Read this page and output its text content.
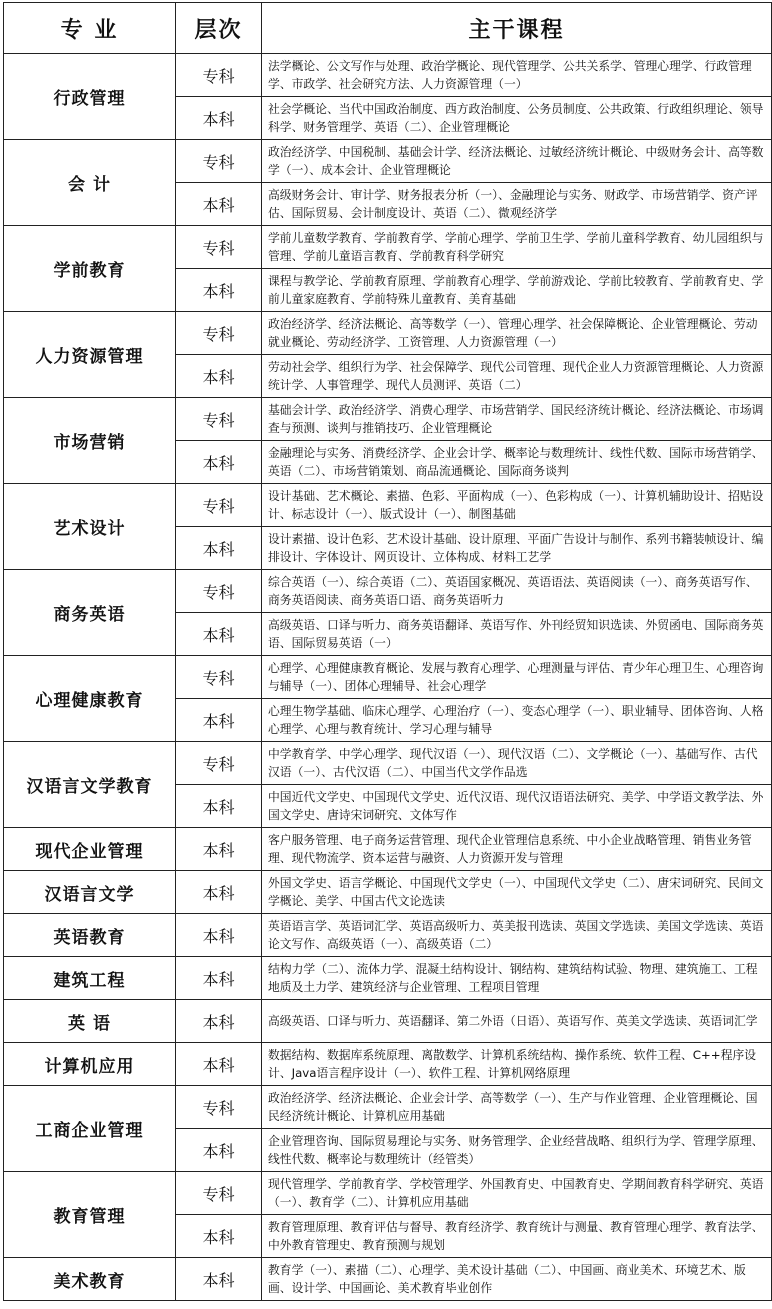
专 业	层次	主干课程
行政管理	专科	法学概论、公文写作与处理、政治学概论、现代管理学、公共关系学、管理心理学、行政管理学、市政学、社会研究方法、人力资源管理（一）
	本科	社会学概论、当代中国政治制度、西方政治制度、公务员制度、公共政策、行政组织理论、领导科学、财务管理学、英语（二）、企业管理概论
会 计	专科	政治经济学、中国税制、基础会计学、经济法概论、过敏经济统计概论、中级财务会计、高等数学（一）、成本会计、企业管理概论
	本科	高级财务会计、审计学、财务报表分析（一）、金融理论与实务、财政学、市场营销学、资产评估、国际贸易、会计制度设计、英语（二）、微观经济学
学前教育	专科	学前儿童数学教育、学前教育学、学前心理学、学前卫生学、学前儿童科学教育、幼儿园组织与管理、学前儿童语言教育、学前教育科学研究
	本科	课程与教学论、学前教育原理、学前教育心理学、学前游戏论、学前比较教育、学前教育史、学前儿童家庭教育、学前特殊儿童教育、美育基础
人力资源管理	专科	政治经济学、经济法概论、高等数学（一）、管理心理学、社会保障概论、企业管理概论、劳动就业概论、劳动经济学、工资管理、人力资源管理（一）
	本科	劳动社会学、组织行为学、社会保障学、现代公司管理、现代企业人力资源管理概论、人力资源统计学、人事管理学、现代人员测评、英语（二）
市场营销	专科	基础会计学、政治经济学、消费心理学、市场营销学、国民经济统计概论、经济法概论、市场调查与预测、谈判与推销技巧、企业管理概论
	本科	金融理论与实务、消费经济学、企业会计学、概率论与数理统计、线性代数、国际市场营销学、英语（二）、市场营销策划、商品流通概论、国际商务谈判
艺术设计	专科	设计基础、艺术概论、素描、色彩、平面构成（一）、色彩构成（一）、计算机辅助设计、招贴设计、标志设计（一）、版式设计（一）、制图基础
	本科	设计素描、设计色彩、艺术设计基础、设计原理、平面广告设计与制作、系列书籍装帧设计、编排设计、字体设计、网页设计、立体构成、材料工艺学
商务英语	专科	综合英语（一）、综合英语（二）、英语国家概况、英语语法、英语阅读（一）、商务英语写作、商务英语阅读、商务英语口语、商务英语听力
	本科	高级英语、口译与听力、商务英语翻译、英语写作、外刊经贸知识选读、外贸函电、国际商务英语、国际贸易英语（一）
心理健康教育	专科	心理学、心理健康教育概论、发展与教育心理学、心理测量与评估、青少年心理卫生、心理咨询与辅导（一）、团体心理辅导、社会心理学
	本科	心理生物学基础、临床心理学、心理治疗（一）、变态心理学（一）、职业辅导、团体咨询、人格心理学、心理与教育统计、学习心理与辅导
汉语言文学教育	专科	中学教育学、中学心理学、现代汉语（一）、现代汉语（二）、文学概论（一）、基础写作、古代汉语（一）、古代汉语（二）、中国当代文学作品选
	本科	中国近代文学史、中国现代文学史、近代汉语、现代汉语语法研究、美学、中学语文教学法、外国文学史、唐诗宋词研究、文体写作
现代企业管理	本科	客户服务管理、电子商务运营管理、现代企业管理信息系统、中小企业战略管理、销售业务管理、现代物流学、资本运营与融资、人力资源开发与管理
汉语言文学	本科	外国文学史、语言学概论、中国现代文学史（一）、中国现代文学史（二）、唐宋词研究、民间文学概论、美学、中国古代文论选读
英语教育	本科	英语语言学、英语词汇学、英语高级听力、英美报刊选读、英国文学选读、美国文学选读、英语论文写作、高级英语（一）、高级英语（二）
建筑工程	本科	结构力学（二）、流体力学、混凝土结构设计、钢结构、建筑结构试验、物理、建筑施工、工程地质及土力学、建筑经济与企业管理、工程项目管理
英 语	本科	高级英语、口译与听力、英语翻译、第二外语（日语）、英语写作、英美文学选读、英语词汇学
计算机应用	本科	数据结构、数据库系统原理、离散数学、计算机系统结构、操作系统、软件工程、C++程序设计、Java语言程序设计（一）、软件工程、计算机网络原理
工商企业管理	专科	政治经济学、经济法概论、企业会计学、高等数学（一）、生产与作业管理、企业管理概论、国民经济统计概论、计算机应用基础
	本科	企业管理咨询、国际贸易理论与实务、财务管理学、企业经营战略、组织行为学、管理学原理、线性代数、概率论与数理统计（经管类）
教育管理	专科	现代管理学、学前教育学、学校管理学、外国教育史、中国教育史、学期间教育科学研究、英语（一）、教育学（二）、计算机应用基础
	本科	教育管理原理、教育评估与督导、教育经济学、教育统计与测量、教育管理心理学、教育法学、中外教育管理史、教育预测与规划
美术教育	本科	教育学（一）、素描（二）、心理学、美术设计基础（二）、中国画、商业美术、环境艺术、版画、设计学、中国画论、美术教育毕业创作
